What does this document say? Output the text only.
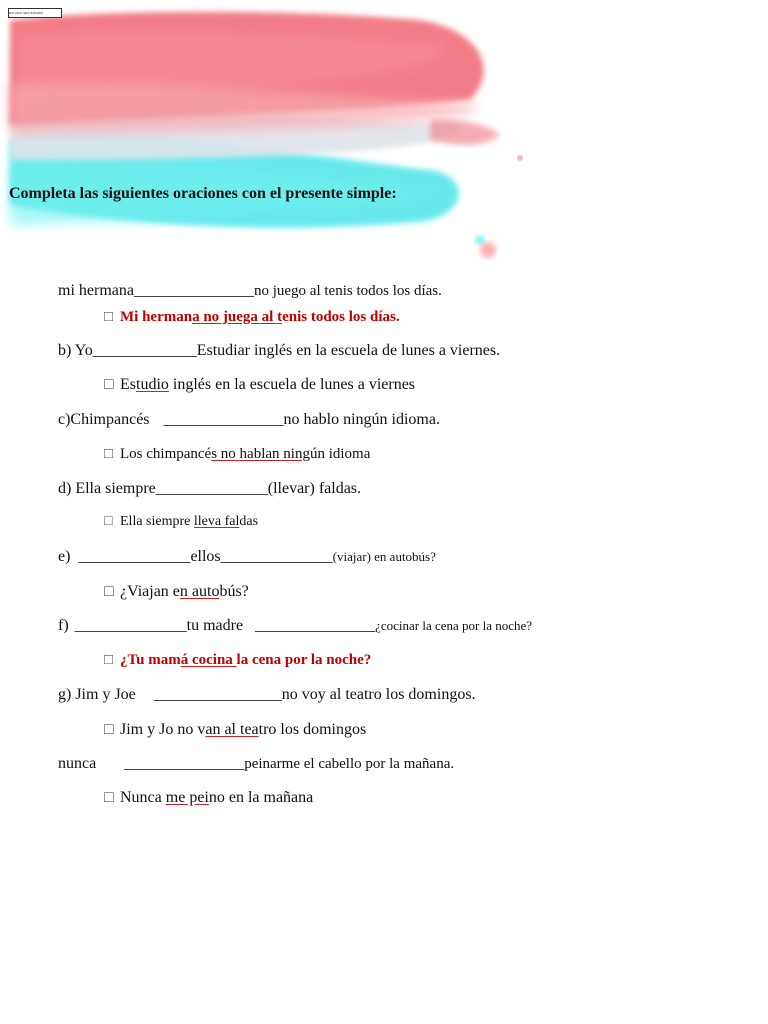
ESTUDIO SECUNDARIO
Completa las siguientes oraciones con el presente simple:
mi hermana_______________no juego al tenis todos los días.
□ Mi hermana no juega al tenis todos los días.
b) Yo_____________Estudiar inglés en la escuela de lunes a viernes.
□ Estudio inglés en la escuela de lunes a viernes
c)Chimpancés _______________no hablo ningún idioma.
□ Los chimpancés no hablan ningún idioma
d) Ella siempre______________(llevar) faldas.
□ Ella siempre lleva faldas
e) ______________ellos______________(viajar) en autobús?
□ ¿Viajan en autobús?
f) ______________tu madre _______________¿cocinar la cena por la noche?
□ ¿Tu mamá cocina la cena por la noche?
g) Jim y Joe ________________no voy al teatro los domingos.
□ Jim y Jo no van al teatro los domingos
nunca _______________peinarme el cabello por la mañana.
□ Nunca me peino en la mañana
